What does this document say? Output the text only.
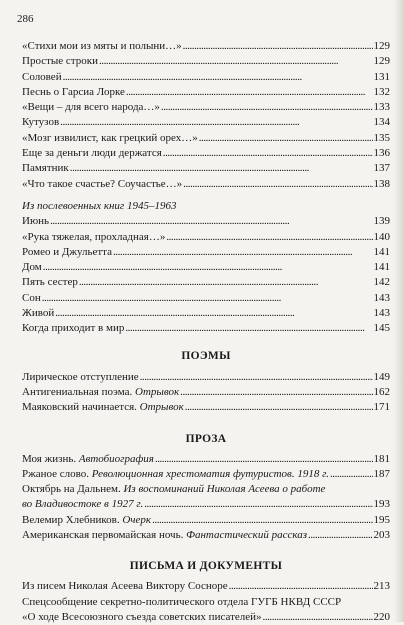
286
«Стихи мои из мяты и полыни…» . . .	129
Простые строки . . .	129
Соловей . . .	131
Песнь о Гарсиа Лорке . . .	132
«Вещи – для всего народа…» . . .	133
Кутузов . . .	134
«Мозг извилист, как грецкий орех…» . . .	135
Еще за деньги люди держатся . . .	136
Памятник . . .	137
«Что такое счастье? Соучастье…» . . .	138
Из послевоенных книг 1945–1963
Июнь . . .	139
«Рука тяжелая, прохладная…» . . .	140
Ромео и Джульетта . . .	141
Дом . . .	141
Пять сестер . . .	142
Сон . . .	143
Живой . . .	143
Когда приходит в мир . . .	145
ПОЭМЫ
Лирическое отступление . . .	149
Антигениальная поэма. Отрывок . . .	162
Маяковский начинается. Отрывок . . .	171
ПРОЗА
Моя жизнь. Автобиография . . .	181
Ржаное слово. Революционная хрестоматия футуристов. 1918 г. . . .	187
Октябрь на Дальнем. Из воспоминаний Николая Асеева о работе
во Владивостоке в 1927 г. . . .	193
Велемир Хлебников. Очерк . . .	195
Американская первомайская ночь. Фантастический рассказ . . .	203
ПИСЬМА И ДОКУМЕНТЫ
Из писем Николая Асеева Виктору Сосноре . . .	213
Спецсообщение секретно-политического отдела ГУГБ НКВД СССР
«О ходе Всесоюзного съезда советских писателей» . . .	220
